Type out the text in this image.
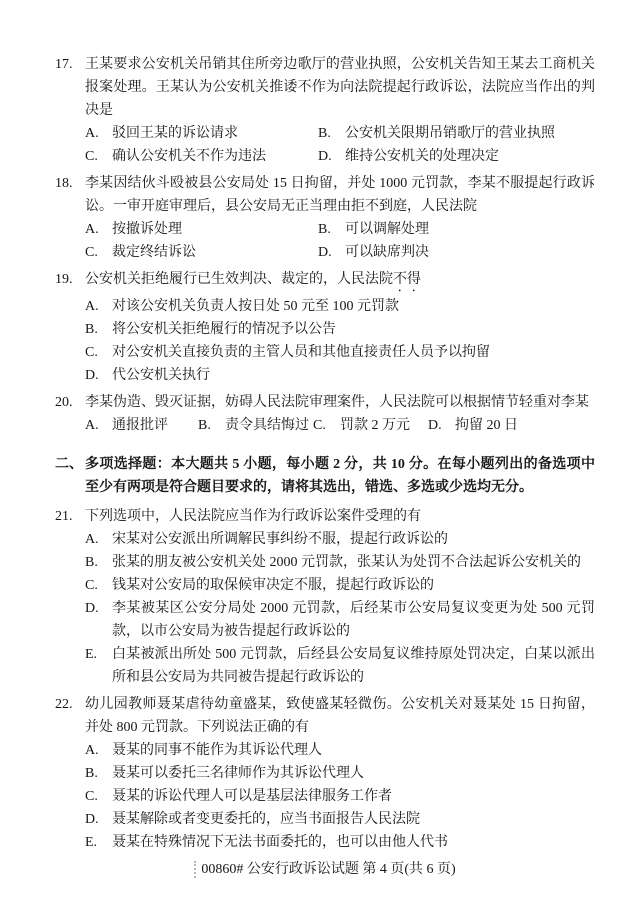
17. 王某要求公安机关吊销其住所旁边歌厅的营业执照，公安机关告知王某去工商机关报案处理。王某认为公安机关推诿不作为向法院提起行政诉讼，法院应当作出的判决是
A. 驳回王某的诉讼请求	B.	公安机关限期吊销歌厅的营业执照
C.	确认公安机关不作为违法	D. 维持公安机关的处理决定
18. 李某因结伙斗殴被县公安局处 15 日拘留，并处 1000 元罚款，李某不服提起行政诉讼。一审开庭审理后，县公安局无正当理由拒不到庭，人民法院
A. 按撤诉处理	B.	可以调解处理
C.	裁定终结诉讼	D. 可以缺席判决
19. 公安机关拒绝履行已生效判决、裁定的，人民法院不得
A. 对该公安机关负责人按日处 50 元至 100 元罚款
B.	将公安机关拒绝履行的情况予以公告
C.	对公安机关直接负责的主管人员和其他直接责任人员予以拘留
D. 代公安机关执行
20. 李某伪造、毁灭证据，妨碍人民法院审理案件，人民法院可以根据情节轻重对李某
A. 通报批评	B.	责令具结悔过 C.	罚款 2 万元	D. 拘留 20 日
二、 多项选择题：本大题共 5 小题，每小题 2 分，共 10 分。在每小题列出的备选项中至少有两项是符合题目要求的，请将其选出，错选、多选或少选均无分。
21. 下列选项中，人民法院应当作为行政诉讼案件受理的有
A. 宋某对公安派出所调解民事纠纷不服，提起行政诉讼的
B.	张某的朋友被公安机关处 2000 元罚款，张某认为处罚不合法起诉公安机关的
C.	钱某对公安局的取保候审决定不服，提起行政诉讼的
D. 李某被某区公安分局处 2000 元罚款，后经某市公安局复议变更为处 500 元罚款，以市公安局为被告提起行政诉讼的
E.	白某被派出所处 500 元罚款，后经县公安局复议维持原处罚决定，白某以派出所和县公安局为共同被告提起行政诉讼的
22. 幼儿园教师聂某虐待幼童盛某，致使盛某轻微伤。公安机关对聂某处 15 日拘留，并处 800 元罚款。下列说法正确的有
A. 聂某的同事不能作为其诉讼代理人
B.	聂某可以委托三名律师作为其诉讼代理人
C.	聂某的诉讼代理人可以是基层法律服务工作者
D. 聂某解除或者变更委托的，应当书面报告人民法院
E.	聂某在特殊情况下无法书面委托的，也可以由他人代书
00860# 公安行政诉讼试题 第 4 页(共 6 页)
